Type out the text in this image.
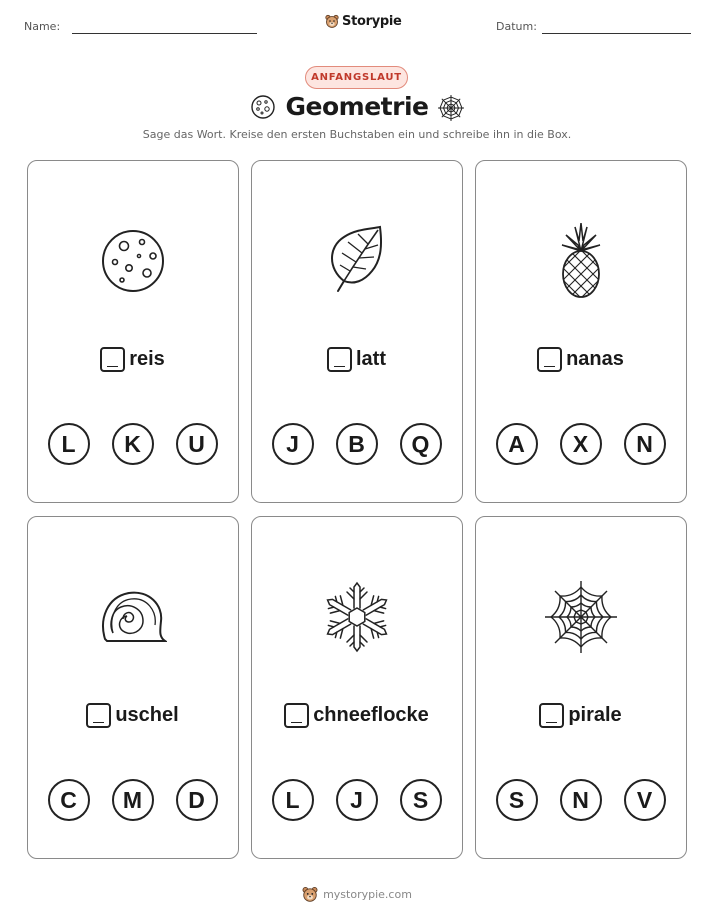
Name:	Storypie	Datum:
ANFANGSLAUT
Geometrie
Sage das Wort. Kreise den ersten Buchstaben ein und schreibe ihn in die Box.
reis
L	K	U
latt
J	B	Q
nanas
A	X	N
uschel
C	M	D
chneeflocke
L	J	S
pirale
S	N	V
mystorypie.com
